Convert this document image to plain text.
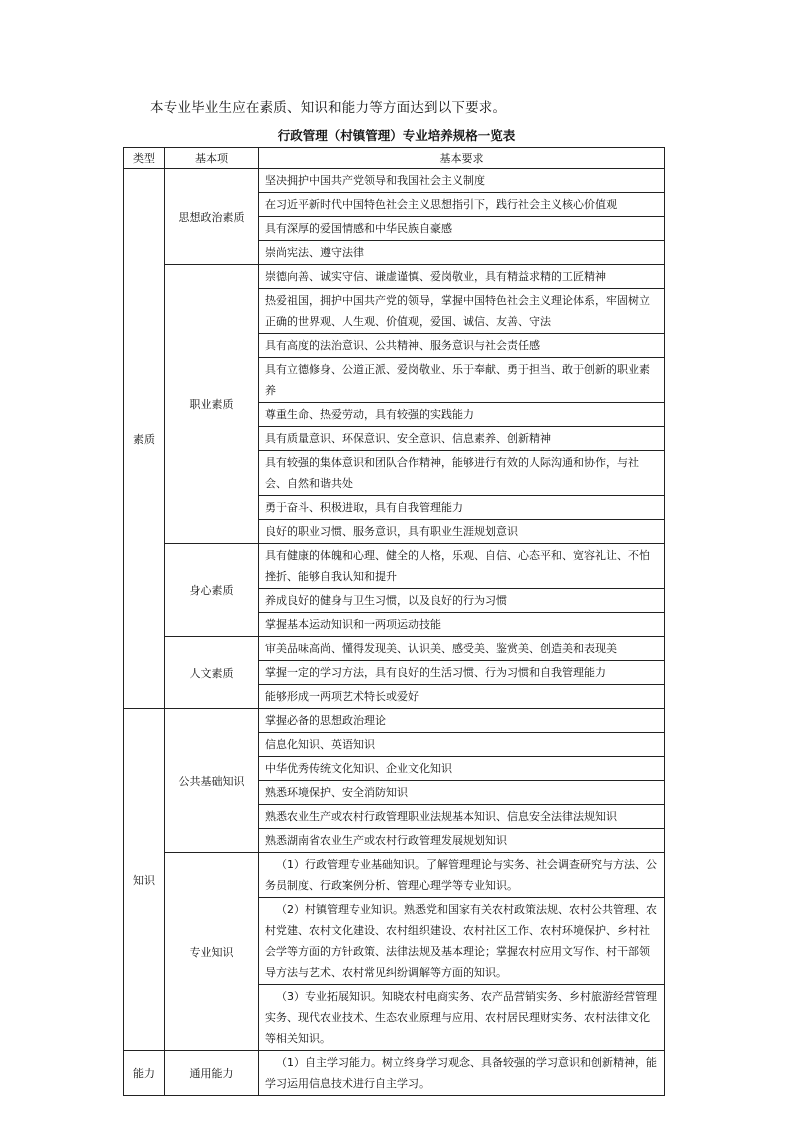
本专业毕业生应在素质、知识和能力等方面达到以下要求。
行政管理（村镇管理）专业培养规格一览表
类型	基本项	基本要求
素质	思想政治素质	坚决拥护中国共产党领导和我国社会主义制度
		在习近平新时代中国特色社会主义思想指引下，践行社会主义核心价值观
		具有深厚的爱国情感和中华民族自豪感
		崇尚宪法、遵守法律
	职业素质	崇德向善、诚实守信、谦虚谨慎、爱岗敬业，具有精益求精的工匠精神
		热爱祖国，拥护中国共产党的领导，掌握中国特色社会主义理论体系，牢固树立正确的世界观、人生观、价值观，爱国、诚信、友善、守法
		具有高度的法治意识、公共精神、服务意识与社会责任感
		具有立德修身、公道正派、爱岗敬业、乐于奉献、勇于担当、敢于创新的职业素养
		尊重生命、热爱劳动，具有较强的实践能力
		具有质量意识、环保意识、安全意识、信息素养、创新精神
		具有较强的集体意识和团队合作精神，能够进行有效的人际沟通和协作，与社会、自然和谐共处
		勇于奋斗、积极进取，具有自我管理能力
		良好的职业习惯、服务意识，具有职业生涯规划意识
	身心素质	具有健康的体魄和心理、健全的人格，乐观、自信、心态平和、宽容礼让、不怕挫折、能够自我认知和提升
		养成良好的健身与卫生习惯，以及良好的行为习惯
		掌握基本运动知识和一两项运动技能
	人文素质	审美品味高尚、懂得发现美、认识美、感受美、鉴赏美、创造美和表现美
		掌握一定的学习方法，具有良好的生活习惯、行为习惯和自我管理能力
		能够形成一两项艺术特长或爱好
知识	公共基础知识	掌握必备的思想政治理论
		信息化知识、英语知识
		中华优秀传统文化知识、企业文化知识
		熟悉环境保护、安全消防知识
		熟悉农业生产或农村行政管理职业法规基本知识、信息安全法律法规知识
		熟悉湖南省农业生产或农村行政管理发展规划知识
	专业知识	（1）行政管理专业基础知识。了解管理理论与实务、社会调查研究与方法、公务员制度、行政案例分析、管理心理学等专业知识。
		（2）村镇管理专业知识。熟悉党和国家有关农村政策法规、农村公共管理、农村党建、农村文化建设、农村组织建设、农村社区工作、农村环境保护、乡村社会学等方面的方针政策、法律法规及基本理论；掌握农村应用文写作、村干部领导方法与艺术、农村常见纠纷调解等方面的知识。
		（3）专业拓展知识。知晓农村电商实务、农产品营销实务、乡村旅游经营管理实务、现代农业技术、生态农业原理与应用、农村居民理财实务、农村法律文化等相关知识。
能力	通用能力	（1）自主学习能力。树立终身学习观念、具备较强的学习意识和创新精神，能学习运用信息技术进行自主学习。
